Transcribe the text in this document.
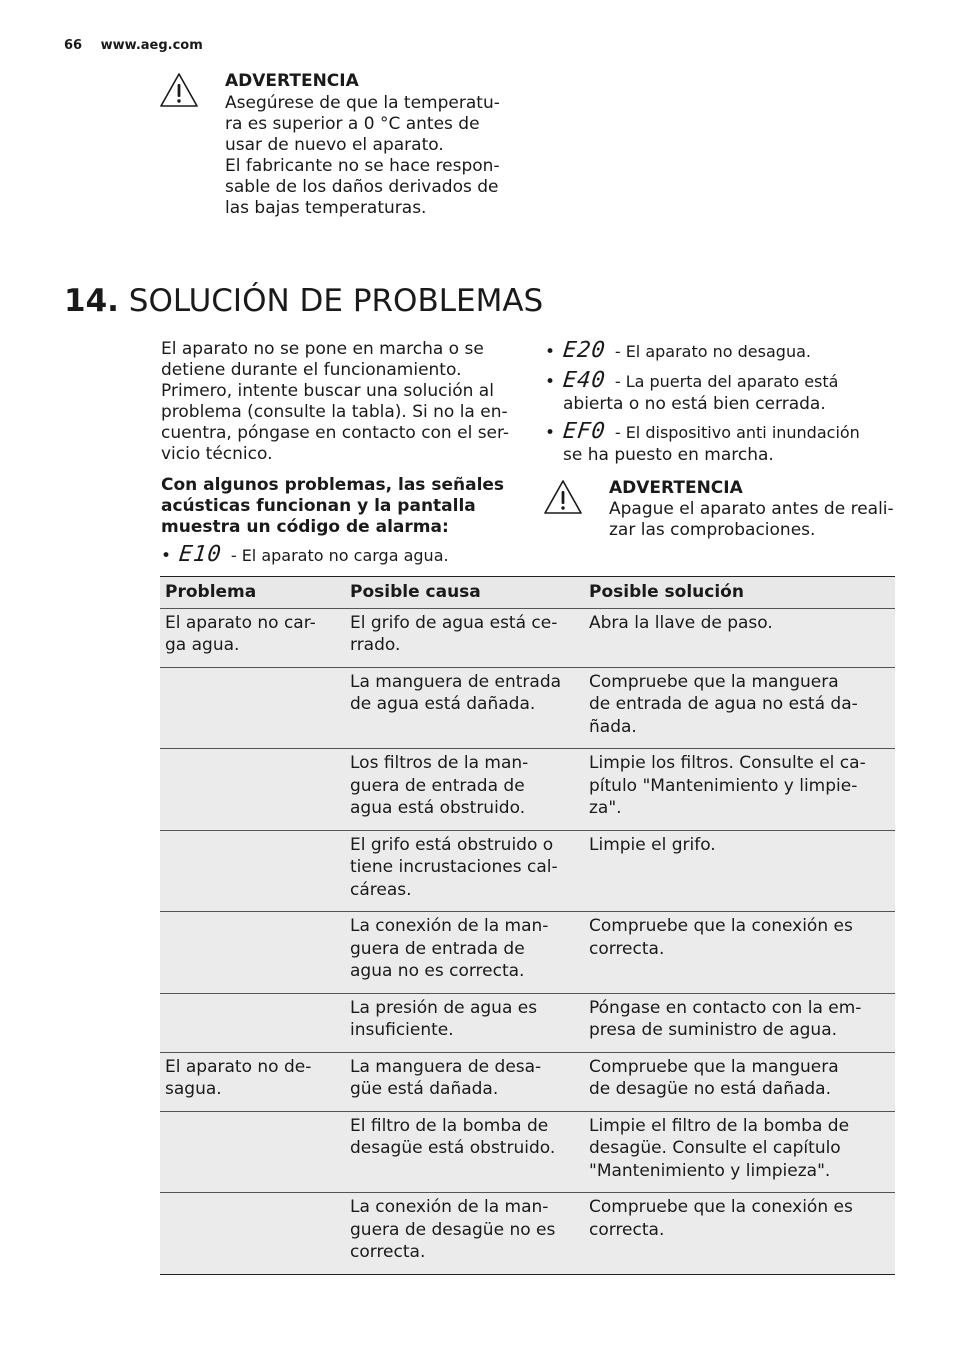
66 www.aeg.com
ADVERTENCIA
Asegúrese de que la temperatu-
ra es superior a 0 °C antes de
usar de nuevo el aparato.
El fabricante no se hace respon-
sable de los daños derivados de
las bajas temperaturas.
14. SOLUCIÓN DE PROBLEMAS
El aparato no se pone en marcha o se
detiene durante el funcionamiento.
Primero, intente buscar una solución al
problema (consulte la tabla). Si no la en-
cuentra, póngase en contacto con el ser-
vicio técnico.
Con algunos problemas, las señales
acústicas funcionan y la pantalla
muestra un código de alarma:
• E10 - El aparato no carga agua.
• E20 - El aparato no desagua.
• E40 - La puerta del aparato está
abierta o no está bien cerrada.
• EF0 - El dispositivo anti inundación
se ha puesto en marcha.
ADVERTENCIA
Apague el aparato antes de reali-
zar las comprobaciones.
Problema	Posible causa	Posible solución
El aparato no car-
ga agua.	El grifo de agua está ce-
rrado.	Abra la llave de paso.
	La manguera de entrada
de agua está dañada.	Compruebe que la manguera
de entrada de agua no está da-
ñada.
	Los filtros de la man-
guera de entrada de
agua está obstruido.	Limpie los filtros. Consulte el ca-
pítulo "Mantenimiento y limpie-
za".
	El grifo está obstruido o
tiene incrustaciones cal-
cáreas.	Limpie el grifo.
	La conexión de la man-
guera de entrada de
agua no es correcta.	Compruebe que la conexión es
correcta.
	La presión de agua es
insuficiente.	Póngase en contacto con la em-
presa de suministro de agua.
El aparato no de-
sagua.	La manguera de desa-
güe está dañada.	Compruebe que la manguera
de desagüe no está dañada.
	El filtro de la bomba de
desagüe está obstruido.	Limpie el filtro de la bomba de
desagüe. Consulte el capítulo
"Mantenimiento y limpieza".
	La conexión de la man-
guera de desagüe no es
correcta.	Compruebe que la conexión es
correcta.
